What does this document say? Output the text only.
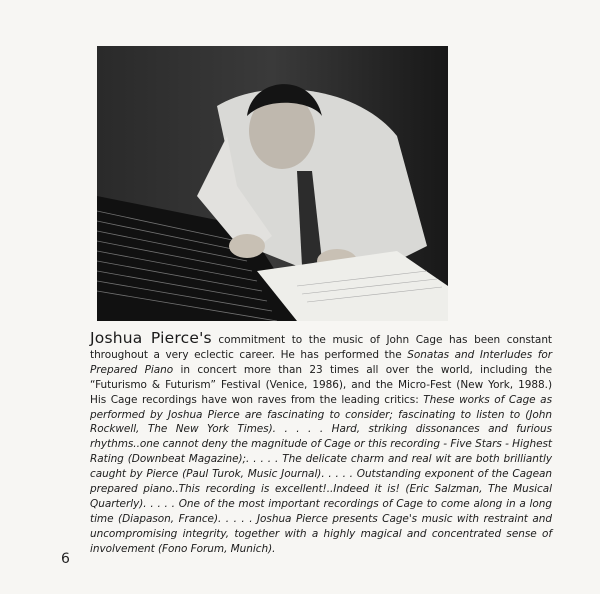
Joshua Pierce's commitment to the music of John Cage has been constant throughout a very eclectic career. He has performed the Sonatas and Interludes for Prepared Piano in concert more than 23 times all over the world, including the “Futurismo & Futurism” Festival (Venice, 1986), and the Micro-Fest (New York, 1988.) His Cage recordings have won raves from the leading critics: These works of Cage as performed by Joshua Pierce are fascinating to consider; fascinating to listen to (John Rockwell, The New York Times). . . . . Hard, striking dissonances and furious rhythms..one cannot deny the magnitude of Cage or this recording - Five Stars - Highest Rating (Downbeat Magazine);. . . . . The delicate charm and real wit are both brilliantly caught by Pierce (Paul Turok, Music Journal). . . . . Outstanding exponent of the Cagean prepared piano..This recording is excellent!..Indeed it is! (Eric Salzman, The Musical Quarterly). . . . . One of the most important recordings of Cage to come along in a long time (Diapason, France). . . . . Joshua Pierce presents Cage's music with restraint and uncompromising integrity, together with a highly magical and concentrated sense of involvement (Fono Forum, Munich).
6
